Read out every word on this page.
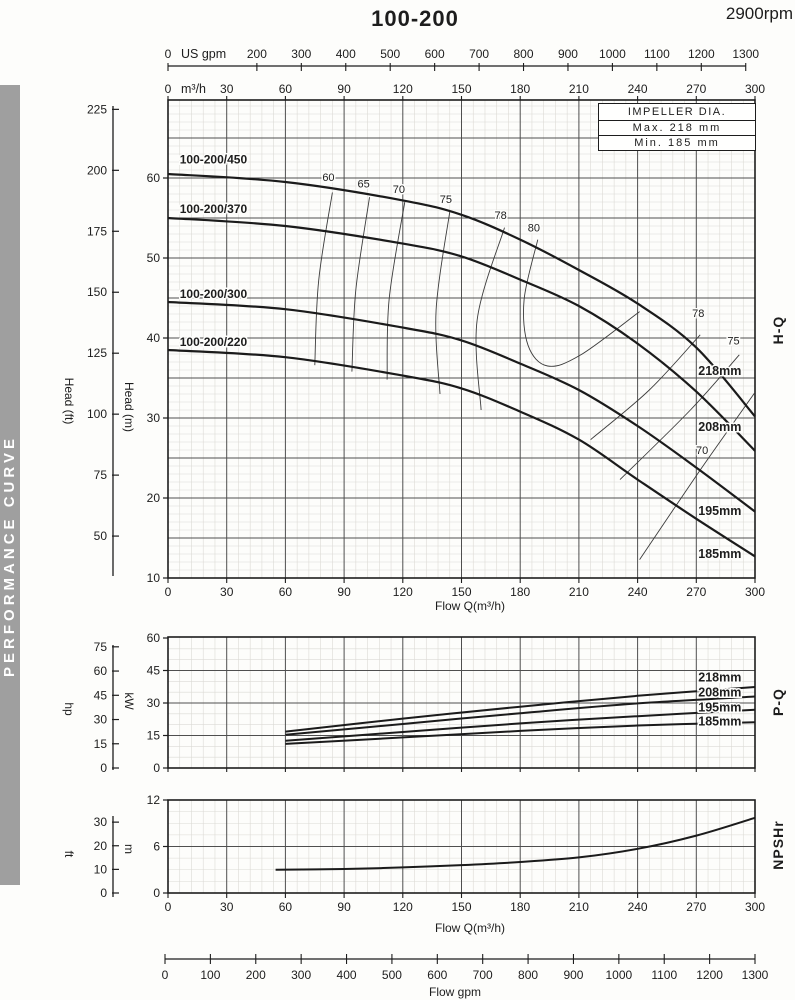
PERFORMANCE CURVE
100-200	2900rpm
0	200 300 400 500 600 700 800 900 1000 1100 1200 1300
US gpm
0	30	60	90	120	150	180	210	240	270	300
m³/h
0	30	60	90	120	150	180	210	240	270	300
60
50
40
30
20
10
225
200
175
150
125
100
75
50
60
65 70
75
78
80
78
75
70
100-200/450
218mm
100-200/370
208mm
100-200/300
195mm
100-200/220
185mm
60
45
30
15
0
75
60
45
30
15
0
218mm
208mm
195mm
185mm
0	30	60	90	120	150	180	210	240	270	300
12
6
0
30
20
10
0
0	100 200 300 400 500 600 700 800 900 1000 1100 1200 1300
IMPELLER DIA.
Max. 218 mm
Min. 185 mm
Head (ft)	Head (m)
hp	kW
ft	m
H-Q
P-Q
NPSHr
Flow Q(m³/h)
Flow Q(m³/h)
Flow gpm
